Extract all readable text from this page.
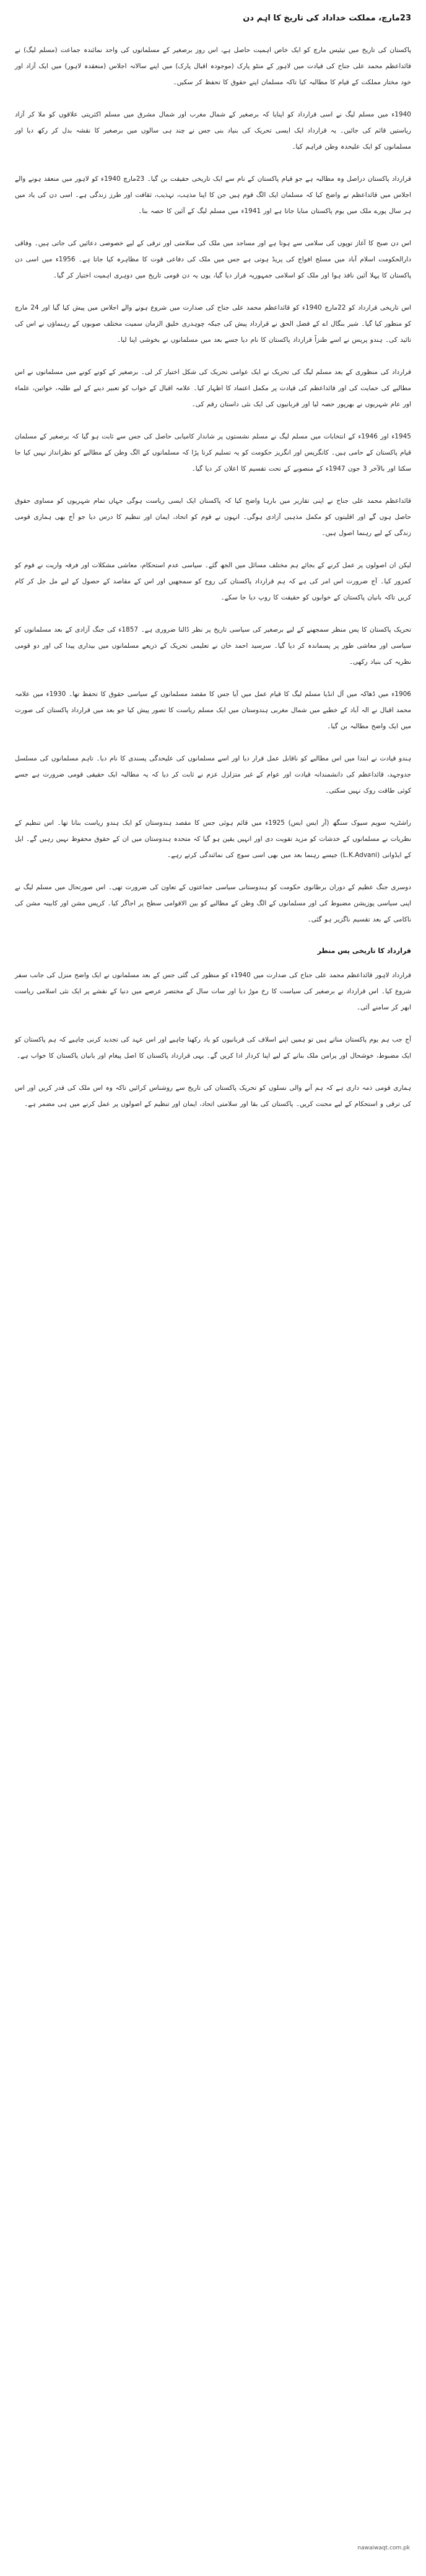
23مارچ، مملکت خداداد کی تاریخ کا اہم دن

پاکستان کی تاریخ میں تیئیس مارچ کو ایک خاص اہمیت حاصل ہے، اس روز برصغیر کے مسلمانوں کی واحد نمائندہ جماعت (مسلم لیگ) نے قائداعظم محمد علی جناح کی قیادت میں لاہور کے منٹو پارک (موجودہ اقبال پارک) میں اپنے سالانہ اجلاس (منعقدہ لاہور) میں ایک آزاد اور خود مختار مملکت کے قیام کا مطالبہ کیا تاکہ مسلمان اپنے حقوق کا تحفظ کر سکیں۔

1940ء میں مسلم لیگ نے اسی قرارداد کو اپنایا کہ برصغیر کے شمال مغرب اور شمال مشرق میں مسلم اکثریتی علاقوں کو ملا کر آزاد ریاستیں قائم کی جائیں۔ یہ قرارداد ایک ایسی تحریک کی بنیاد بنی جس نے چند ہی سالوں میں برصغیر کا نقشہ بدل کر رکھ دیا اور مسلمانوں کو ایک علیحدہ وطن فراہم کیا۔

قرارداد پاکستان دراصل وہ مطالبہ ہے جو قیام پاکستان کے نام سے ایک تاریخی حقیقت بن گیا۔ 23مارچ 1940ء کو لاہور میں منعقد ہونے والے اجلاس میں قائداعظم نے واضح کیا کہ مسلمان ایک الگ قوم ہیں جن کا اپنا مذہب، تہذیب، ثقافت اور طرز زندگی ہے۔ اسی دن کی یاد میں ہر سال پورے ملک میں یوم پاکستان منایا جاتا ہے اور 1941ء میں مسلم لیگ کے آئین کا حصہ بنا۔

اس دن صبح کا آغاز توپوں کی سلامی سے ہوتا ہے اور مساجد میں ملک کی سلامتی اور ترقی کے لیے خصوصی دعائیں کی جاتی ہیں۔ وفاقی دارالحکومت اسلام آباد میں مسلح افواج کی پریڈ ہوتی ہے جس میں ملک کی دفاعی قوت کا مظاہرہ کیا جاتا ہے۔ 1956ء میں اسی دن پاکستان کا پہلا آئین نافذ ہوا اور ملک کو اسلامی جمہوریہ قرار دیا گیا، یوں یہ دن قومی تاریخ میں دوہری اہمیت اختیار کر گیا۔

اس تاریخی قرارداد کو 22مارچ 1940ء کو قائداعظم محمد علی جناح کی صدارت میں شروع ہونے والے اجلاس میں پیش کیا گیا اور 24 مارچ کو منظور کیا گیا۔ شیر بنگال اے کے فضل الحق نے قرارداد پیش کی جبکہ چوہدری خلیق الزمان سمیت مختلف صوبوں کے رہنماؤں نے اس کی تائید کی۔ ہندو پریس نے اسے طنزاً قرارداد پاکستان کا نام دیا جسے بعد میں مسلمانوں نے بخوشی اپنا لیا۔

قرارداد کی منظوری کے بعد مسلم لیگ کی تحریک نے ایک عوامی تحریک کی شکل اختیار کر لی۔ برصغیر کے کونے کونے میں مسلمانوں نے اس مطالبے کی حمایت کی اور قائداعظم کی قیادت پر مکمل اعتماد کا اظہار کیا۔ علامہ اقبال کے خواب کو تعبیر دینے کے لیے طلبہ، خواتین، علماء اور عام شہریوں نے بھرپور حصہ لیا اور قربانیوں کی ایک نئی داستان رقم کی۔

1945ء اور 1946ء کے انتخابات میں مسلم لیگ نے مسلم نشستوں پر شاندار کامیابی حاصل کی جس سے ثابت ہو گیا کہ برصغیر کے مسلمان قیام پاکستان کے حامی ہیں۔ کانگریس اور انگریز حکومت کو یہ تسلیم کرنا پڑا کہ مسلمانوں کے الگ وطن کے مطالبے کو نظرانداز نہیں کیا جا سکتا اور بالآخر 3 جون 1947ء کے منصوبے کے تحت تقسیم کا اعلان کر دیا گیا۔

قائداعظم محمد علی جناح نے اپنی تقاریر میں بارہا واضح کیا کہ پاکستان ایک ایسی ریاست ہوگی جہاں تمام شہریوں کو مساوی حقوق حاصل ہوں گے اور اقلیتوں کو مکمل مذہبی آزادی ہوگی۔ انہوں نے قوم کو اتحاد، ایمان اور تنظیم کا درس دیا جو آج بھی ہماری قومی زندگی کے لیے رہنما اصول ہیں۔

لیکن ان اصولوں پر عمل کرنے کے بجائے ہم مختلف مسائل میں الجھ گئے۔ سیاسی عدم استحکام، معاشی مشکلات اور فرقہ واریت نے قوم کو کمزور کیا۔ آج ضرورت اس امر کی ہے کہ ہم قرارداد پاکستان کی روح کو سمجھیں اور اس کے مقاصد کے حصول کے لیے مل جل کر کام کریں تاکہ بانیان پاکستان کے خوابوں کو حقیقت کا روپ دیا جا سکے۔

تحریک پاکستان کا پس منظر سمجھنے کے لیے برصغیر کی سیاسی تاریخ پر نظر ڈالنا ضروری ہے۔ 1857ء کی جنگ آزادی کے بعد مسلمانوں کو سیاسی اور معاشی طور پر پسماندہ کر دیا گیا۔ سرسید احمد خان نے تعلیمی تحریک کے ذریعے مسلمانوں میں بیداری پیدا کی اور دو قومی نظریہ کی بنیاد رکھی۔

1906ء میں ڈھاکہ میں آل انڈیا مسلم لیگ کا قیام عمل میں آیا جس کا مقصد مسلمانوں کے سیاسی حقوق کا تحفظ تھا۔ 1930ء میں علامہ محمد اقبال نے الہ آباد کے خطبے میں شمال مغربی ہندوستان میں ایک مسلم ریاست کا تصور پیش کیا جو بعد میں قرارداد پاکستان کی صورت میں ایک واضح مطالبہ بن گیا۔

ہندو قیادت نے ابتدا میں اس مطالبے کو ناقابل عمل قرار دیا اور اسے مسلمانوں کی علیحدگی پسندی کا نام دیا۔ تاہم مسلمانوں کی مسلسل جدوجہد، قائداعظم کی دانشمندانہ قیادت اور عوام کے غیر متزلزل عزم نے ثابت کر دیا کہ یہ مطالبہ ایک حقیقی قومی ضرورت ہے جسے کوئی طاقت روک نہیں سکتی۔

راشٹریہ سویم سیوک سنگھ (آر ایس ایس) 1925ء میں قائم ہوئی جس کا مقصد ہندوستان کو ایک ہندو ریاست بنانا تھا۔ اس تنظیم کے نظریات نے مسلمانوں کے خدشات کو مزید تقویت دی اور انہیں یقین ہو گیا کہ متحدہ ہندوستان میں ان کے حقوق محفوظ نہیں رہیں گے۔ ایل کے ایڈوانی (L.K.Advani) جیسے رہنما بعد میں بھی اسی سوچ کی نمائندگی کرتے رہے۔

دوسری جنگ عظیم کے دوران برطانوی حکومت کو ہندوستانی سیاسی جماعتوں کے تعاون کی ضرورت تھی۔ اس صورتحال میں مسلم لیگ نے اپنی سیاسی پوزیشن مضبوط کی اور مسلمانوں کے الگ وطن کے مطالبے کو بین الاقوامی سطح پر اجاگر کیا۔ کرپس مشن اور کابینہ مشن کی ناکامی کے بعد تقسیم ناگزیر ہو گئی۔

قرارداد کا تاریخی پس منظر

قرارداد لاہور قائداعظم محمد علی جناح کی صدارت میں 1940ء کو منظور کی گئی جس کے بعد مسلمانوں نے ایک واضح منزل کی جانب سفر شروع کیا۔ اس قرارداد نے برصغیر کی سیاست کا رخ موڑ دیا اور سات سال کے مختصر عرصے میں دنیا کے نقشے پر ایک نئی اسلامی ریاست ابھر کر سامنے آئی۔

آج جب ہم یوم پاکستان مناتے ہیں تو ہمیں اپنے اسلاف کی قربانیوں کو یاد رکھنا چاہیے اور اس عہد کی تجدید کرنی چاہیے کہ ہم پاکستان کو ایک مضبوط، خوشحال اور پرامن ملک بنانے کے لیے اپنا کردار ادا کریں گے۔ یہی قرارداد پاکستان کا اصل پیغام اور بانیان پاکستان کا خواب ہے۔

ہماری قومی ذمہ داری ہے کہ ہم آنے والی نسلوں کو تحریک پاکستان کی تاریخ سے روشناس کرائیں تاکہ وہ اس ملک کی قدر کریں اور اس کی ترقی و استحکام کے لیے محنت کریں۔ پاکستان کی بقا اور سلامتی اتحاد، ایمان اور تنظیم کے اصولوں پر عمل کرنے میں ہی مضمر ہے۔

nawaiwaqt.com.pk
